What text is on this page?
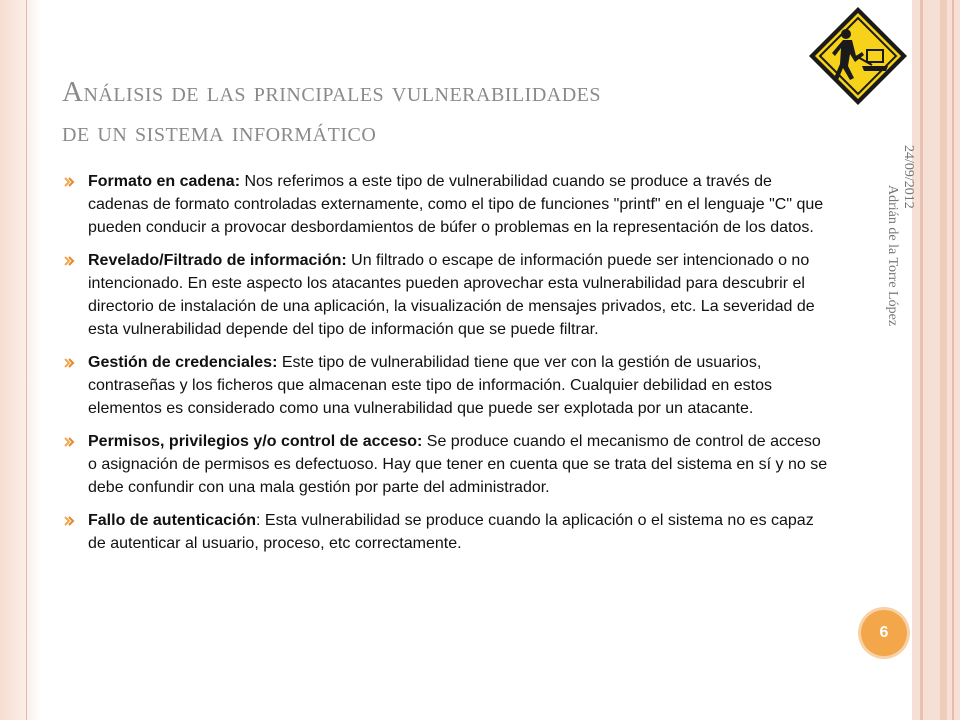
Análisis de las principales vulnerabilidades
de un sistema informático
24/09/2012
Adrián de la Torre López

Formato en cadena: Nos referimos a este tipo de vulnerabilidad cuando se produce a través de cadenas de formato controladas externamente, como el tipo de funciones "printf" en el lenguaje "C" que pueden conducir a provocar desbordamientos de búfer o problemas en la representación de los datos.

Revelado/Filtrado de información: Un filtrado o escape de información puede ser intencionado o no intencionado. En este aspecto los atacantes pueden aprovechar esta vulnerabilidad para descubrir el directorio de instalación de una aplicación, la visualización de mensajes privados, etc. La severidad de esta vulnerabilidad depende del tipo de información que se puede filtrar.

Gestión de credenciales: Este tipo de vulnerabilidad tiene que ver con la gestión de usuarios, contraseñas y los ficheros que almacenan este tipo de información. Cualquier debilidad en estos elementos es considerado como una vulnerabilidad que puede ser explotada por un atacante.

Permisos, privilegios y/o control de acceso: Se produce cuando el mecanismo de control de acceso o asignación de permisos es defectuoso. Hay que tener en cuenta que se trata del sistema en sí y no se debe confundir con una mala gestión por parte del administrador.

Fallo de autenticación: Esta vulnerabilidad se produce cuando la aplicación o el sistema no es capaz de autenticar al usuario, proceso, etc correctamente.

6
